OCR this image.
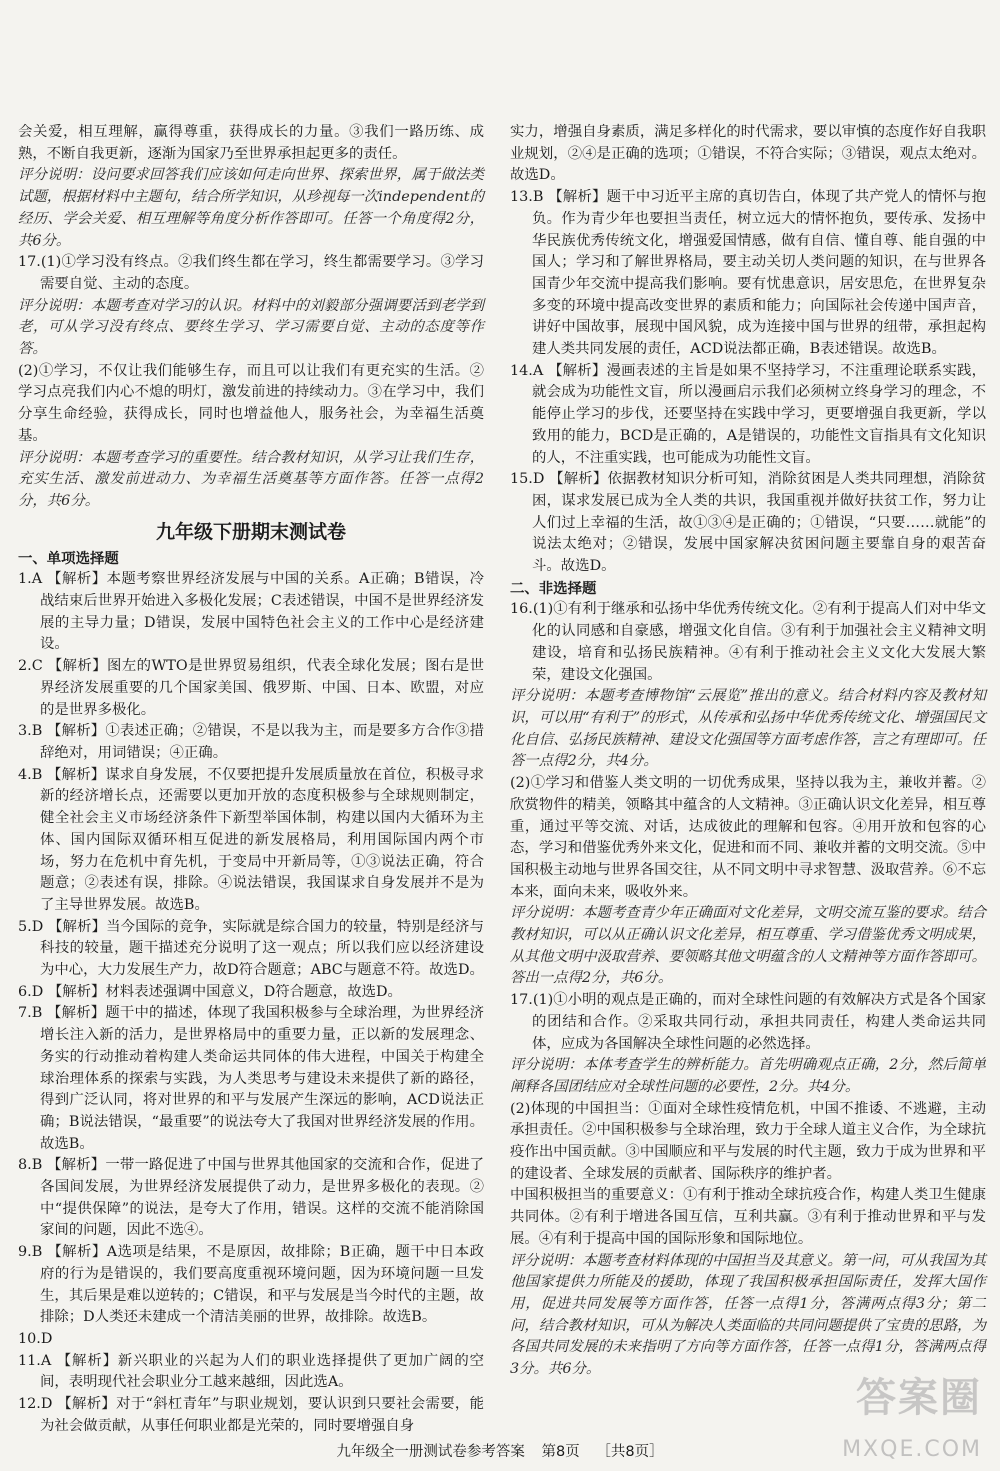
会关爱，相互理解，赢得尊重，获得成长的力量。③我们一路历练、成熟，不断自我更新，逐渐为国家乃至世界承担起更多的责任。

评分说明：设问要求回答我们应该如何走向世界、探索世界，属于做法类试题，根据材料中主题句，结合所学知识，从珍视每一次independent的经历、学会关爱、相互理解等角度分析作答即可。任答一个角度得2分，共6分。

17.(1)①学习没有终点。②我们终生都在学习，终生都需要学习。③学习需要自觉、主动的态度。

评分说明：本题考查对学习的认识。材料中的刘毅部分强调要活到老学到老，可从学习没有终点、要终生学习、学习需要自觉、主动的态度等作答。

(2)①学习，不仅让我们能够生存，而且可以让我们有更充实的生活。②学习点亮我们内心不熄的明灯，激发前进的持续动力。③在学习中，我们分享生命经验，获得成长，同时也增益他人，服务社会，为幸福生活奠基。

评分说明：本题考查学习的重要性。结合教材知识，从学习让我们生存，充实生活、激发前进动力、为幸福生活奠基等方面作答。任答一点得2分，共6分。

九年级下册期末测试卷

一、单项选择题

1.A 【解析】本题考察世界经济发展与中国的关系。A正确；B错误，冷战结束后世界开始进入多极化发展；C表述错误，中国不是世界经济发展的主导力量；D错误，发展中国特色社会主义的工作中心是经济建设。

2.C 【解析】图左的WTO是世界贸易组织，代表全球化发展；图右是世界经济发展重要的几个国家美国、俄罗斯、中国、日本、欧盟，对应的是世界多极化。

3.B 【解析】①表述正确；②错误，不是以我为主，而是要多方合作③措辞绝对，用词错误；④正确。

4.B 【解析】谋求自身发展，不仅要把提升发展质量放在首位，积极寻求新的经济增长点，还需要以更加开放的态度积极参与全球规则制定，健全社会主义市场经济条件下新型举国体制，构建以国内大循环为主体、国内国际双循环相互促进的新发展格局，利用国际国内两个市场，努力在危机中育先机，于变局中开新局等，①③说法正确，符合题意；②表述有误，排除。④说法错误，我国谋求自身发展并不是为了主导世界发展。故选B。

5.D 【解析】当今国际的竞争，实际就是综合国力的较量，特别是经济与科技的较量，题干描述充分说明了这一观点；所以我们应以经济建设为中心，大力发展生产力，故D符合题意；ABC与题意不符。故选D。

6.D 【解析】材料表述强调中国意义，D符合题意，故选D。

7.B 【解析】题干中的描述，体现了我国积极参与全球治理，为世界经济增长注入新的活力，是世界格局中的重要力量，正以新的发展理念、务实的行动推动着构建人类命运共同体的伟大进程，中国关于构建全球治理体系的探索与实践，为人类思考与建设未来提供了新的路径，得到广泛认同，将对世界的和平与发展产生深远的影响，ACD说法正确；B说法错误，“最重要”的说法夸大了我国对世界经济发展的作用。故选B。

8.B 【解析】一带一路促进了中国与世界其他国家的交流和合作，促进了各国间发展，为世界经济发展提供了动力，是世界多极化的表现。②中“提供保障”的说法，是夸大了作用，错误。这样的交流不能消除国家间的问题，因此不选④。

9.B 【解析】A选项是结果，不是原因，故排除；B正确，题干中日本政府的行为是错误的，我们要高度重视环境问题，因为环境问题一旦发生，其后果是难以逆转的；C错误，和平与发展是当今时代的主题，故排除；D人类还未建成一个清洁美丽的世界，故排除。故选B。

10.D

11.A 【解析】新兴职业的兴起为人们的职业选择提供了更加广阔的空间，表明现代社会职业分工越来越细，因此选A。

12.D 【解析】对于“斜杠青年”与职业规划，要认识到只要社会需要，能为社会做贡献，从事任何职业都是光荣的，同时要增强自身

实力，增强自身素质，满足多样化的时代需求，要以审慎的态度作好自我职业规划，②④是正确的选项；①错误，不符合实际；③错误，观点太绝对。故选D。

13.B 【解析】题干中习近平主席的真切告白，体现了共产党人的情怀与抱负。作为青少年也要担当责任，树立远大的情怀抱负，要传承、发扬中华民族优秀传统文化，增强爱国情感，做有自信、懂自尊、能自强的中国人；学习和了解世界格局，要主动关切人类问题的知识，在与世界各国青少年交流中提高我们影响。要有忧患意识，居安思危，在世界复杂多变的环境中提高改变世界的素质和能力；向国际社会传递中国声音，讲好中国故事，展现中国风貌，成为连接中国与世界的纽带，承担起构建人类共同发展的责任，ACD说法都正确，B表述错误。故选B。

14.A 【解析】漫画表述的主旨是如果不坚持学习，不注重理论联系实践，就会成为功能性文盲，所以漫画启示我们必须树立终身学习的理念，不能停止学习的步伐，还要坚持在实践中学习，更要增强自我更新，学以致用的能力，BCD是正确的，A是错误的，功能性文盲指具有文化知识的人，不注重实践，也可能成为功能性文盲。

15.D 【解析】依据教材知识分析可知，消除贫困是人类共同理想，消除贫困，谋求发展已成为全人类的共识，我国重视并做好扶贫工作，努力让人们过上幸福的生活，故①③④是正确的；①错误，“只要……就能”的说法太绝对；②错误，发展中国家解决贫困问题主要靠自身的艰苦奋斗。故选D。

二、非选择题

16.(1)①有利于继承和弘扬中华优秀传统文化。②有利于提高人们对中华文化的认同感和自豪感，增强文化自信。③有利于加强社会主义精神文明建设，培育和弘扬民族精神。④有利于推动社会主义文化大发展大繁荣，建设文化强国。

评分说明：本题考查博物馆“云展览”推出的意义。结合材料内容及教材知识，可以用“有利于”的形式，从传承和弘扬中华优秀传统文化、增强国民文化自信、弘扬民族精神、建设文化强国等方面考虑作答，言之有理即可。任答一点得2分，共4分。

(2)①学习和借鉴人类文明的一切优秀成果，坚持以我为主，兼收并蓄。②欣赏物件的精美，领略其中蕴含的人文精神。③正确认识文化差异，相互尊重，通过平等交流、对话，达成彼此的理解和包容。④用开放和包容的心态，学习和借鉴优秀外来文化，促进和而不同、兼收并蓄的文明交流。⑤中国积极主动地与世界各国交往，从不同文明中寻求智慧、汲取营养。⑥不忘本来，面向未来，吸收外来。

评分说明：本题考查青少年正确面对文化差异，文明交流互鉴的要求。结合教材知识，可以从正确认识文化差异，相互尊重、学习借鉴优秀文明成果，从其他文明中汲取营养、要领略其他文明蕴含的人文精神等方面作答即可。答出一点得2分，共6分。

17.(1)①小明的观点是正确的，而对全球性问题的有效解决方式是各个国家的团结和合作。②采取共同行动，承担共同责任，构建人类命运共同体，应成为各国解决全球性问题的必然选择。

评分说明：本体考查学生的辨析能力。首先明确观点正确，2分，然后简单阐释各国团结应对全球性问题的必要性，2分。共4分。

(2)体现的中国担当：①面对全球性疫情危机，中国不推诿、不逃避，主动承担责任。②中国积极参与全球治理，致力于全球人道主义合作，为全球抗疫作出中国贡献。③中国顺应和平与发展的时代主题，致力于成为世界和平的建设者、全球发展的贡献者、国际秩序的维护者。

中国积极担当的重要意义：①有利于推动全球抗疫合作，构建人类卫生健康共同体。②有利于增进各国互信，互利共赢。③有利于推动世界和平与发展。④有利于提高中国的国际形象和国际地位。

评分说明：本题考查材料体现的中国担当及其意义。第一问，可从我国为其他国家提供力所能及的援助，体现了我国积极承担国际责任，发挥大国作用，促进共同发展等方面作答，任答一点得1分，答满两点得3分；第二问，结合教材知识，可从为解决人类面临的共同问题提供了宝贵的思路，为各国共同发展的未来指明了方向等方面作答，任答一点得1分，答满两点得3分。共6分。

九年级全一册测试卷参考答案 第8页 ［共8页］
答案圈
MXQE.COM
